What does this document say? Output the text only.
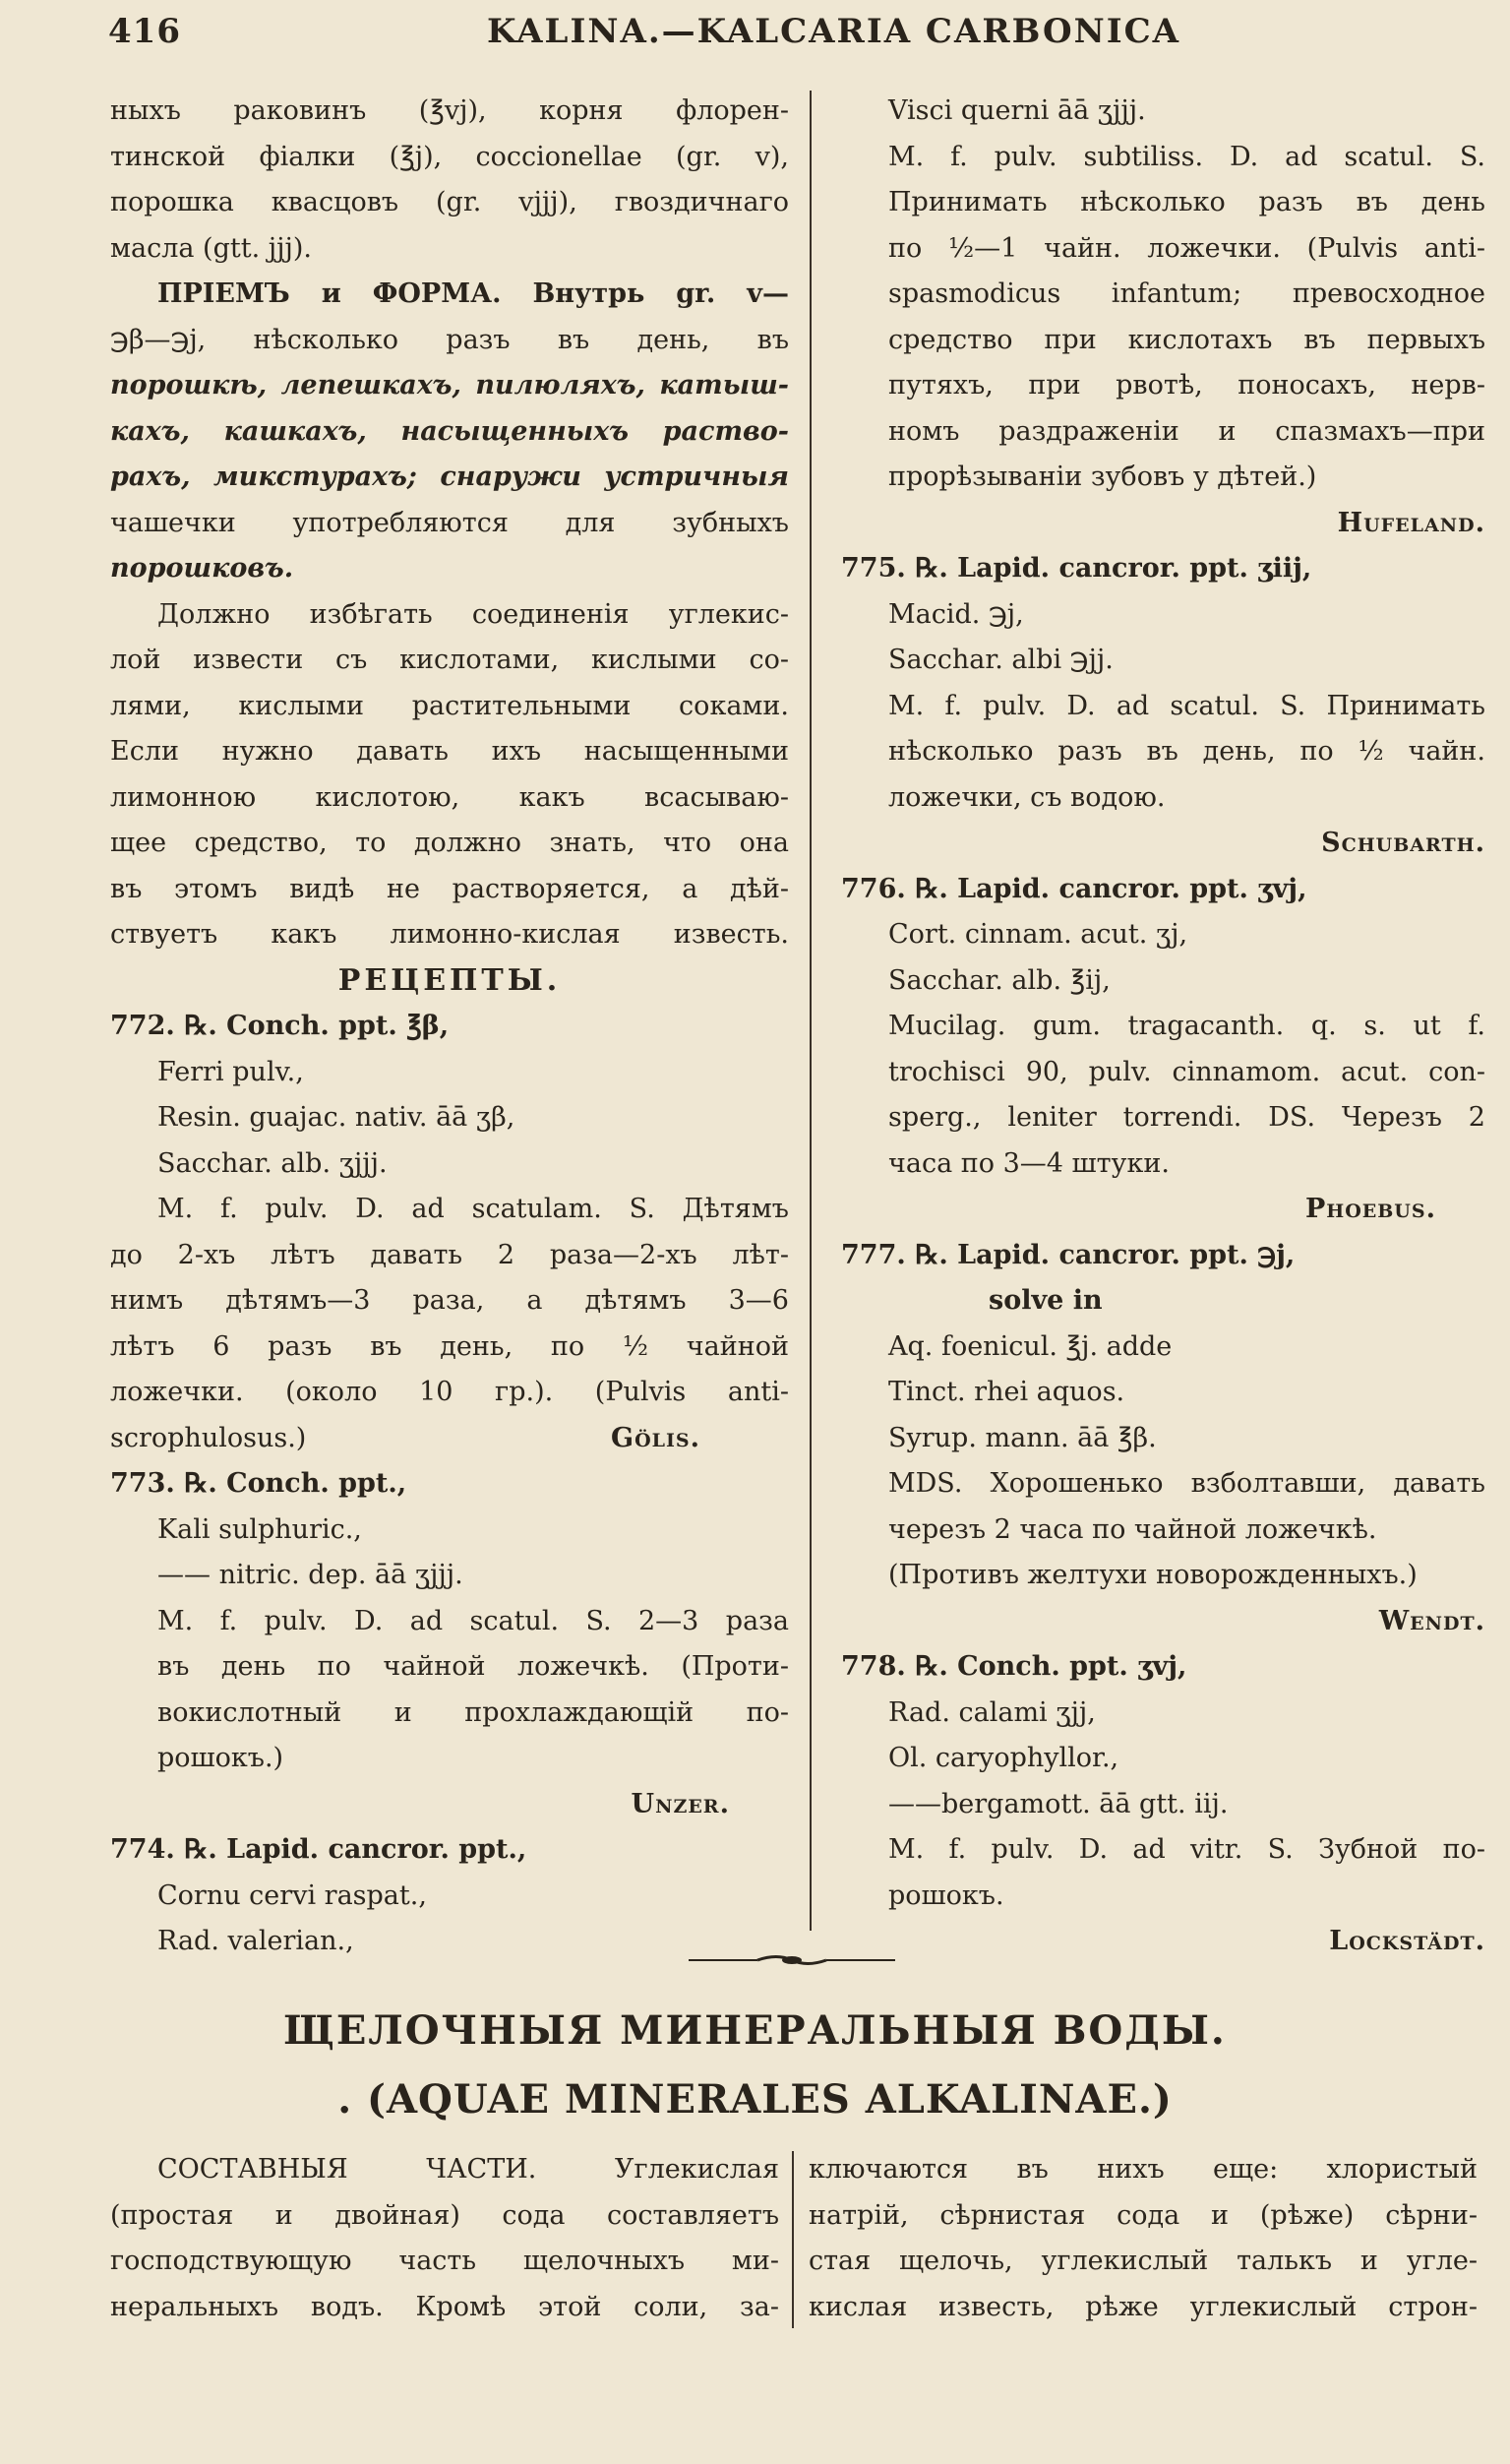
416	KALINA.—KALCARIA CARBONICA
ныхъ раковинъ (℥vj), корня флорен-
тинской фіалки (℥j), coccionellae (gr. v),
порошка квасцовъ (gr. vjjj), гвоздичнаго
масла (gtt. jjj).
ПРІЕМЪ и ФОРМА. Внутрь gr. v—
℈β—℈j, нѣсколько разъ въ день, въ
порошкѣ, лепешкахъ, пилюляхъ, катыш-
кахъ, кашкахъ, насыщенныхъ раство-
рахъ, микстурахъ; снаружи устричныя
чашечки употребляются для зубныхъ
порошковъ.
Должно избѣгать соединенія углекис-
лой извести съ кислотами, кислыми со-
лями, кислыми растительными соками.
Если нужно давать ихъ насыщенными
лимонною кислотою, какъ всасываю-
щее средство, то должно знать, что она
въ этомъ видѣ не растворяется, а дѣй-
ствуетъ какъ лимонно-кислая известь.
РЕЦЕПТЫ.
772. ℞. Conch. ppt. ℥β,
Ferri pulv.,
Resin. guajac. nativ. āā ʒβ,
Sacchar. alb. ʒjjj.
M. f. pulv. D. ad scatulam. S. Дѣтямъ
до 2-хъ лѣтъ давать 2 раза—2-хъ лѣт-
нимъ дѣтямъ—3 раза, а дѣтямъ 3—6
лѣтъ 6 разъ въ день, по ½ чайной
ложечки. (около 10 гр.). (Pulvis anti-
scrophulosus.)	Gölis.
773. ℞. Conch. ppt.,
Kali sulphuric.,
—— nitric. dep. āā ʒjjj.
M. f. pulv. D. ad scatul. S. 2—3 раза
въ день по чайной ложечкѣ. (Проти-
вокислотный и прохлаждающій по-
рошокъ.)
Unzer.
774. ℞. Lapid. cancror. ppt.,
Cornu cervi raspat.,
Rad. valerian.,
Visci querni āā ʒjjj.
M. f. pulv. subtiliss. D. ad scatul. S.
Принимать нѣсколько разъ въ день
по ½—1 чайн. ложечки. (Pulvis anti-
spasmodicus infantum; превосходное
средство при кислотахъ въ первыхъ
путяхъ, при рвотѣ, поносахъ, нерв-
номъ раздраженіи и спазмахъ—при
прорѣзываніи зубовъ у дѣтей.)
Hufeland.
775. ℞. Lapid. cancror. ppt. ʒiij,
Macid. ℈j,
Sacchar. albi ℈jj.
M. f. pulv. D. ad scatul. S. Принимать
нѣсколько разъ въ день, по ½ чайн.
ложечки, съ водою.
Schubarth.
776. ℞. Lapid. cancror. ppt. ʒvj,
Cort. cinnam. acut. ʒj,
Sacchar. alb. ℥ij,
Mucilag. gum. tragacanth. q. s. ut f.
trochisci 90, pulv. cinnamom. acut. con-
sperg., leniter torrendi. DS. Черезъ 2
часа по 3—4 штуки.
Phoebus.
777. ℞. Lapid. cancror. ppt. ℈j,
solve in
Aq. foenicul. ℥j. adde
Tinct. rhei aquos.
Syrup. mann. āā ℥β.
MDS. Хорошенько взболтавши, давать
черезъ 2 часа по чайной ложечкѣ.
(Противъ желтухи новорожденныхъ.)
Wendt.
778. ℞. Conch. ppt. ʒvj,
Rad. calami ʒjj,
Ol. caryophyllor.,
——bergamott. āā gtt. iij.
M. f. pulv. D. ad vitr. S. Зубной по-
рошокъ.
Lockstädt.
ЩЕЛОЧНЫЯ МИНЕРАЛЬНЫЯ ВОДЫ.
. (AQUAE MINERALES ALKALINAE.)
СОСТАВНЫЯ ЧАСТИ. Углекислая
(простая и двойная) сода составляетъ
господствующую часть щелочныхъ ми-
неральныхъ водъ. Кромѣ этой соли, за-
ключаются въ нихъ еще: хлористый
натрій, сѣрнистая сода и (рѣже) сѣрни-
стая щелочь, углекислый талькъ и угле-
кислая известь, рѣже углекислый строн-
